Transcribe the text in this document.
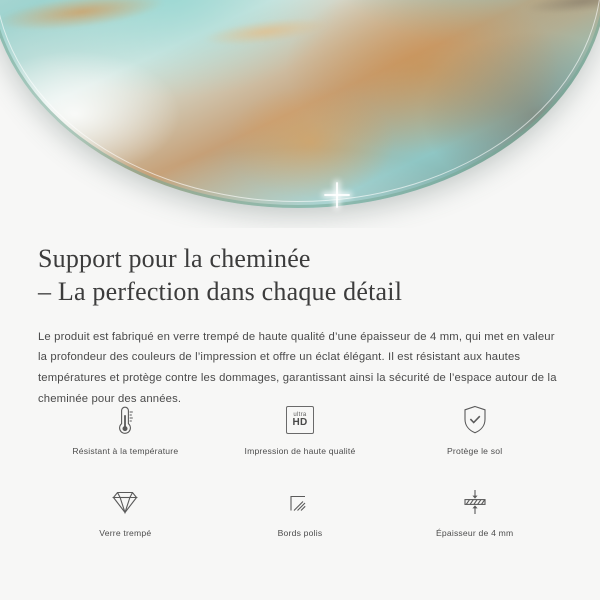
Support pour la cheminée
– La perfection dans chaque détail

Le produit est fabriqué en verre trempé de haute qualité d’une épaisseur de 4 mm, qui met en valeur la profondeur des couleurs de l’impression et offre un éclat élégant. Il est résistant aux hautes températures et protège contre les dommages, garantissant ainsi la sécurité de l’espace autour de la cheminée pour des années.

Résistant à la température
ultra
HD
Impression de haute qualité	Protège le sol
Verre trempé	Bords polis	Épaisseur de 4 mm
